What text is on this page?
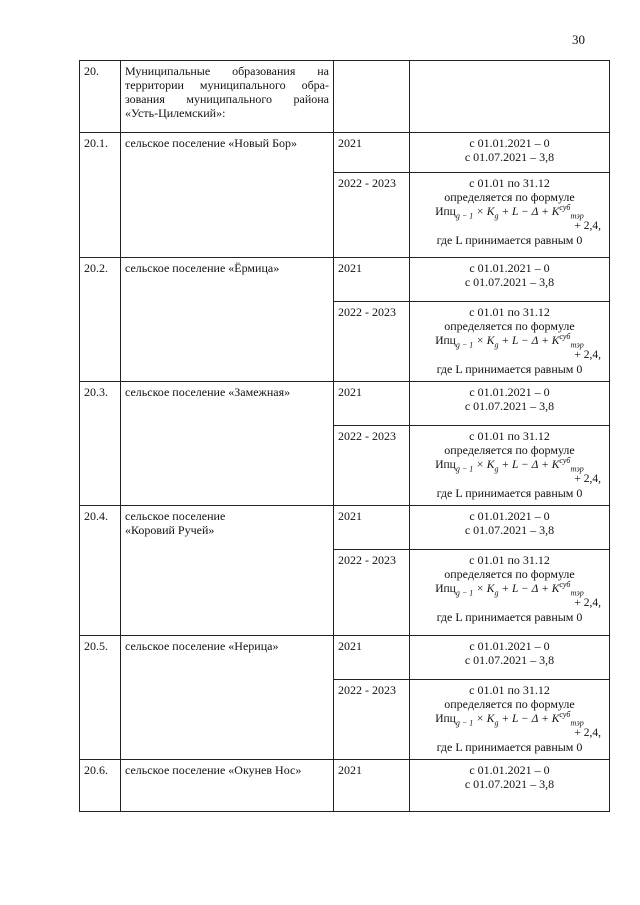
30
20.	Муниципальные образования на
территории муниципального обра-
зования муниципального района
«Усть-Цилемский»:		

20.1.	сельское поселение «Новый Бор»	2021	с 01.01.2021 – 0
с 01.07.2021 – 3,8

		2022 - 2023	с 01.01 по 31.12
определяется по формуле
$Ипц_{g - 1} \times K_g + L - \Delta + K^{суб}_{тэр}$
+ 2,4,
где L принимается равным 0

20.2.	сельское поселение «Ёрмица»	2021	с 01.01.2021 – 0
с 01.07.2021 – 3,8

		2022 - 2023	с 01.01 по 31.12
определяется по формуле
$Ипц_{g - 1} \times K_g + L - \Delta + K^{суб}_{тэр}$
+ 2,4,
где L принимается равным 0

20.3.	сельское поселение «Замежная»	2021	с 01.01.2021 – 0
с 01.07.2021 – 3,8

		2022 - 2023	с 01.01 по 31.12
определяется по формуле
$Ипц_{g - 1} \times K_g + L - \Delta + K^{суб}_{тэр}$
+ 2,4,
где L принимается равным 0

20.4.	сельское поселение
«Коровий Ручей»	2021	с 01.01.2021 – 0
с 01.07.2021 – 3,8

		2022 - 2023	с 01.01 по 31.12
определяется по формуле
$Ипц_{g - 1} \times K_g + L - \Delta + K^{суб}_{тэр}$
+ 2,4,
где L принимается равным 0

20.5.	сельское поселение «Нерица»	2021	с 01.01.2021 – 0
с 01.07.2021 – 3,8

		2022 - 2023	с 01.01 по 31.12
определяется по формуле
$Ипц_{g - 1} \times K_g + L - \Delta + K^{суб}_{тэр}$
+ 2,4,
где L принимается равным 0

20.6.	сельское поселение «Окунев Нос»	2021	с 01.01.2021 – 0
с 01.07.2021 – 3,8
